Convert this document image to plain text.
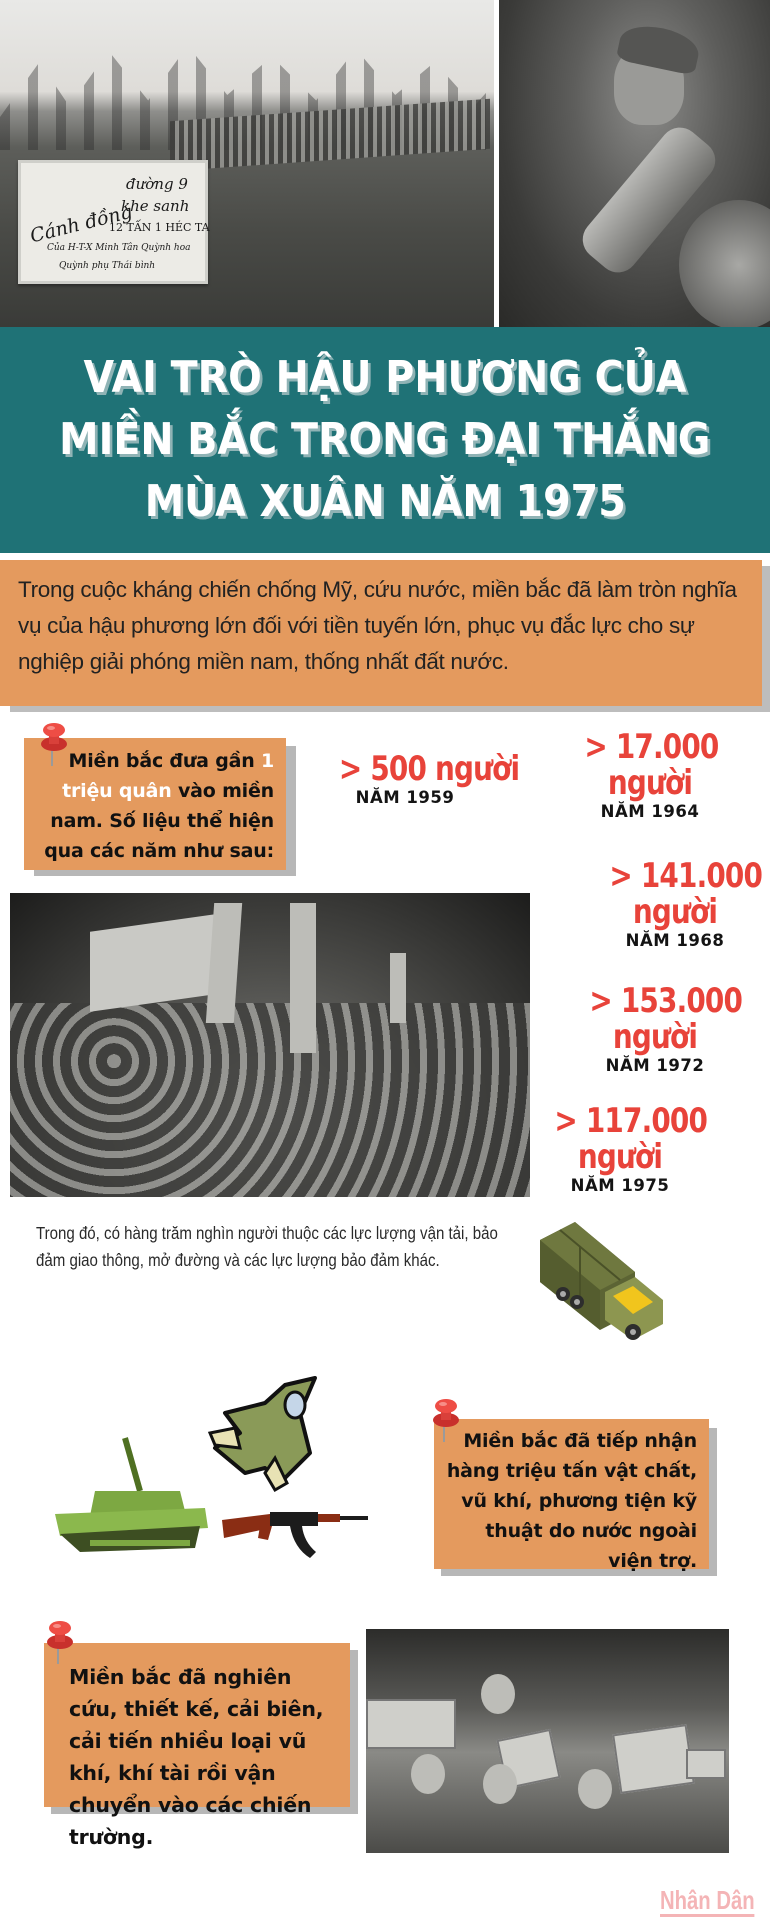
Cánh đồng
đường 9
khe sanh
12 TẤN 1 HÉC TA
Của H-T-X Minh Tân Quỳnh hoa
Quỳnh phụ Thái bình
VAI TRÒ HẬU PHƯƠNG CỦA
MIỀN BẮC TRONG ĐẠI THẮNG
MÙA XUÂN NĂM 1975

Trong cuộc kháng chiến chống Mỹ, cứu nước, miền bắc đã làm tròn nghĩa vụ của hậu phương lớn đối với tiền tuyến lớn, phục vụ đắc lực cho sự nghiệp giải phóng miền nam, thống nhất đất nước.

Miền bắc đưa gần 1 triệu quân vào miền nam. Số liệu thể hiện qua các năm như sau:

> 500 người
NĂM 1959
> 17.000
người
NĂM 1964
> 141.000
người
NĂM 1968
> 153.000
người
NĂM 1972
> 117.000
người
NĂM 1975

Trong đó, có hàng trăm nghìn người thuộc các lực lượng vận tải, bảo đảm giao thông, mở đường và các lực lượng bảo đảm khác.

Miền bắc đã tiếp nhận hàng triệu tấn vật chất, vũ khí, phương tiện kỹ thuật do nước ngoài viện trợ.

Miền bắc đã nghiên cứu, thiết kế, cải biên, cải tiến nhiều loại vũ khí, khí tài rồi vận chuyển vào các chiến trường.

Nhân Dân
